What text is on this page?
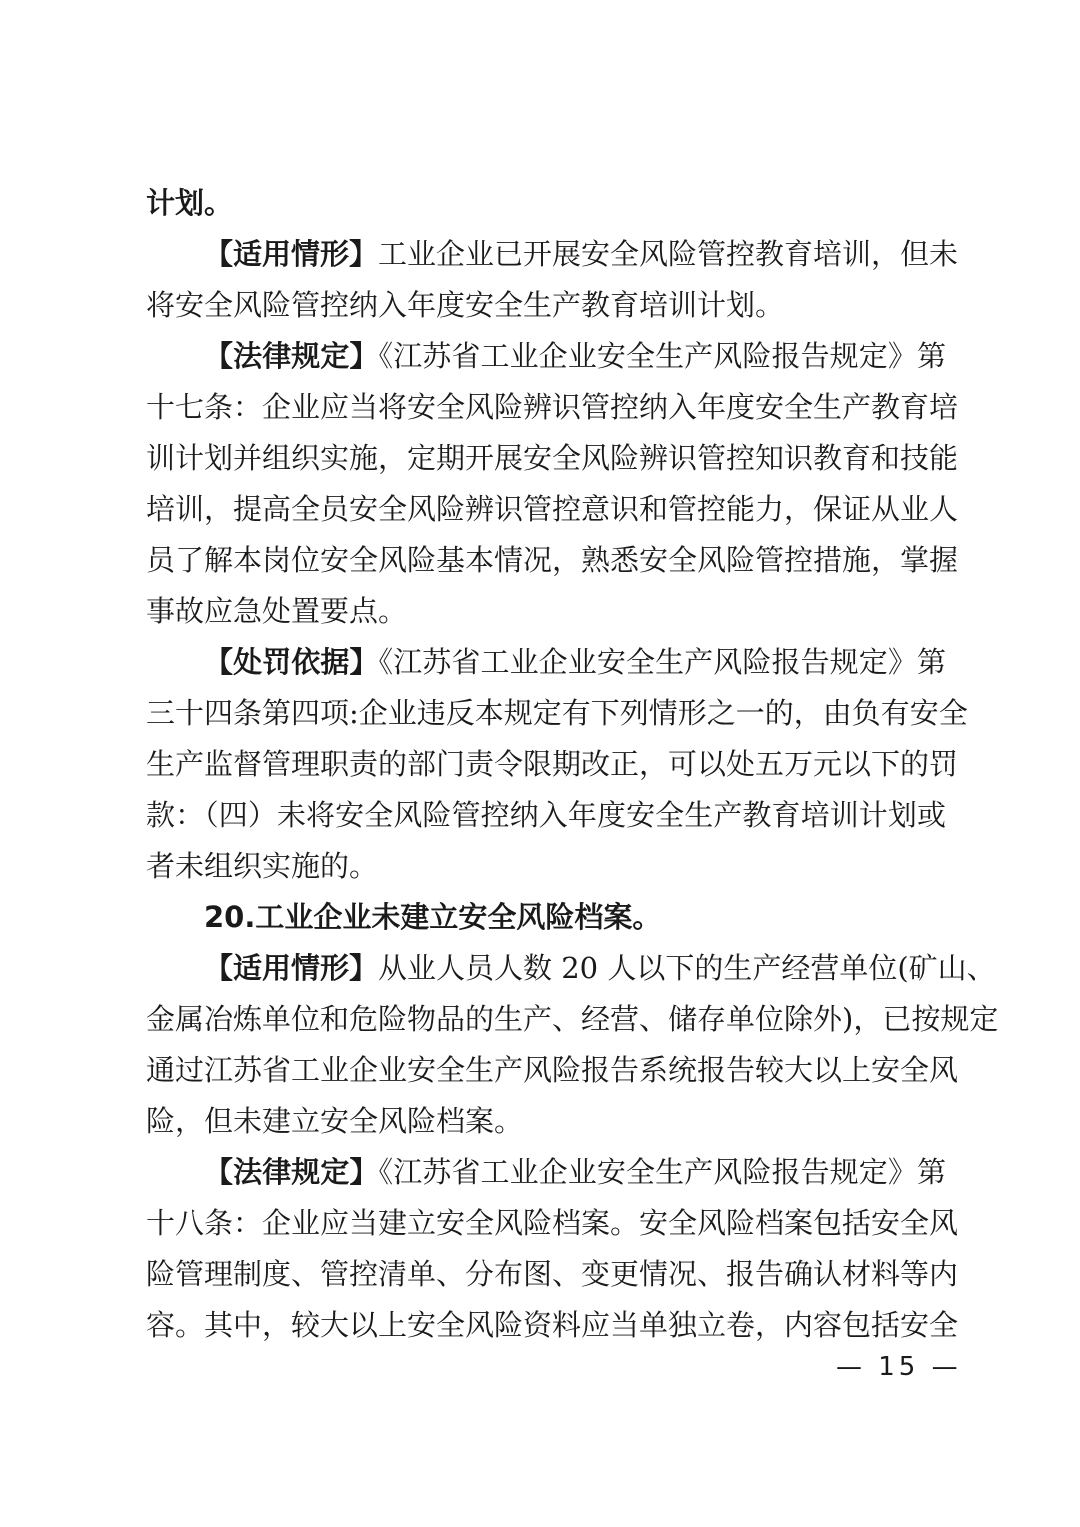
计划。
【适用情形】工业企业已开展安全风险管控教育培训，但未
将安全风险管控纳入年度安全生产教育培训计划。
【法律规定】《江苏省工业企业安全生产风险报告规定》第
十七条：企业应当将安全风险辨识管控纳入年度安全生产教育培
训计划并组织实施，定期开展安全风险辨识管控知识教育和技能
培训，提高全员安全风险辨识管控意识和管控能力，保证从业人
员了解本岗位安全风险基本情况，熟悉安全风险管控措施，掌握
事故应急处置要点。
【处罚依据】《江苏省工业企业安全生产风险报告规定》第
三十四条第四项:企业违反本规定有下列情形之一的，由负有安全
生产监督管理职责的部门责令限期改正，可以处五万元以下的罚
款：（四）未将安全风险管控纳入年度安全生产教育培训计划或
者未组织实施的。
20.工业企业未建立安全风险档案。
【适用情形】从业人员人数 20 人以下的生产经营单位(矿山、
金属冶炼单位和危险物品的生产、经营、储存单位除外)，已按规定
通过江苏省工业企业安全生产风险报告系统报告较大以上安全风
险，但未建立安全风险档案。
【法律规定】《江苏省工业企业安全生产风险报告规定》第
十八条：企业应当建立安全风险档案。安全风险档案包括安全风
险管理制度、管控清单、分布图、变更情况、报告确认材料等内
容。其中，较大以上安全风险资料应当单独立卷，内容包括安全
— 15 —
